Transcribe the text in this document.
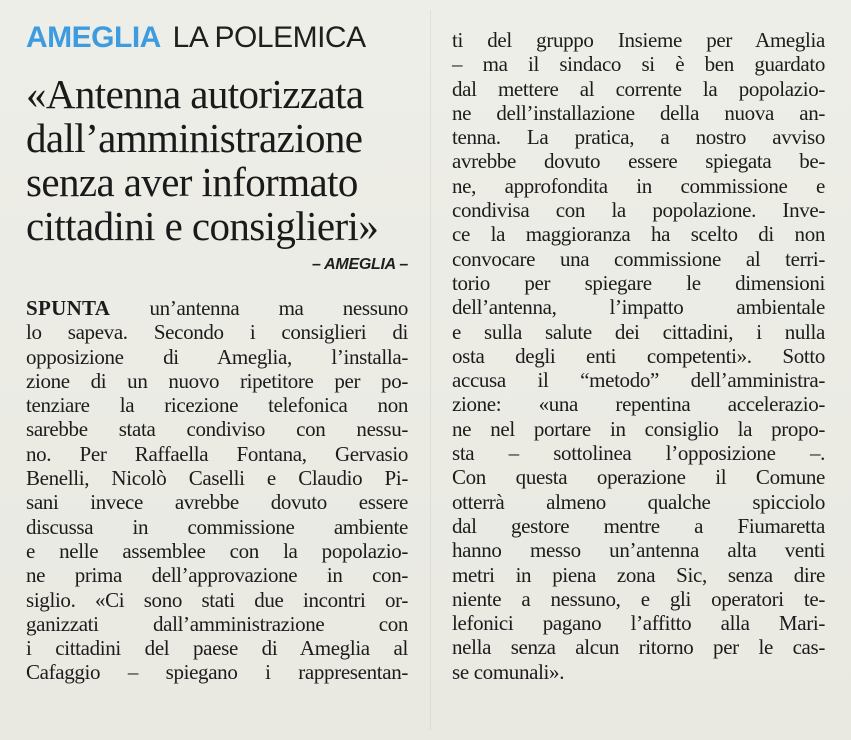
AMEGLIA LA POLEMICA
«Antenna autorizzata
dall’amministrazione
senza aver informato
cittadini e consiglieri»
– AMEGLIA –
SPUNTA un’antenna ma nessuno
lo sapeva. Secondo i consiglieri di
opposizione di Ameglia, l’installa-
zione di un nuovo ripetitore per po-
tenziare la ricezione telefonica non
sarebbe stata condiviso con nessu-
no. Per Raffaella Fontana, Gervasio
Benelli, Nicolò Caselli e Claudio Pi-
sani invece avrebbe dovuto essere
discussa in commissione ambiente
e nelle assemblee con la popolazio-
ne prima dell’approvazione in con-
siglio. «Ci sono stati due incontri or-
ganizzati dall’amministrazione con
i cittadini del paese di Ameglia al
Cafaggio – spiegano i rappresentan-
ti del gruppo Insieme per Ameglia
– ma il sindaco si è ben guardato
dal mettere al corrente la popolazio-
ne dell’installazione della nuova an-
tenna. La pratica, a nostro avviso
avrebbe dovuto essere spiegata be-
ne, approfondita in commissione e
condivisa con la popolazione. Inve-
ce la maggioranza ha scelto di non
convocare una commissione al terri-
torio per spiegare le dimensioni
dell’antenna, l’impatto ambientale
e sulla salute dei cittadini, i nulla
osta degli enti competenti». Sotto
accusa il “metodo” dell’amministra-
zione: «una repentina accelerazio-
ne nel portare in consiglio la propo-
sta – sottolinea l’opposizione –.
Con questa operazione il Comune
otterrà almeno qualche spicciolo
dal gestore mentre a Fiumaretta
hanno messo un’antenna alta venti
metri in piena zona Sic, senza dire
niente a nessuno, e gli operatori te-
lefonici pagano l’affitto alla Mari-
nella senza alcun ritorno per le cas-
se comunali».
